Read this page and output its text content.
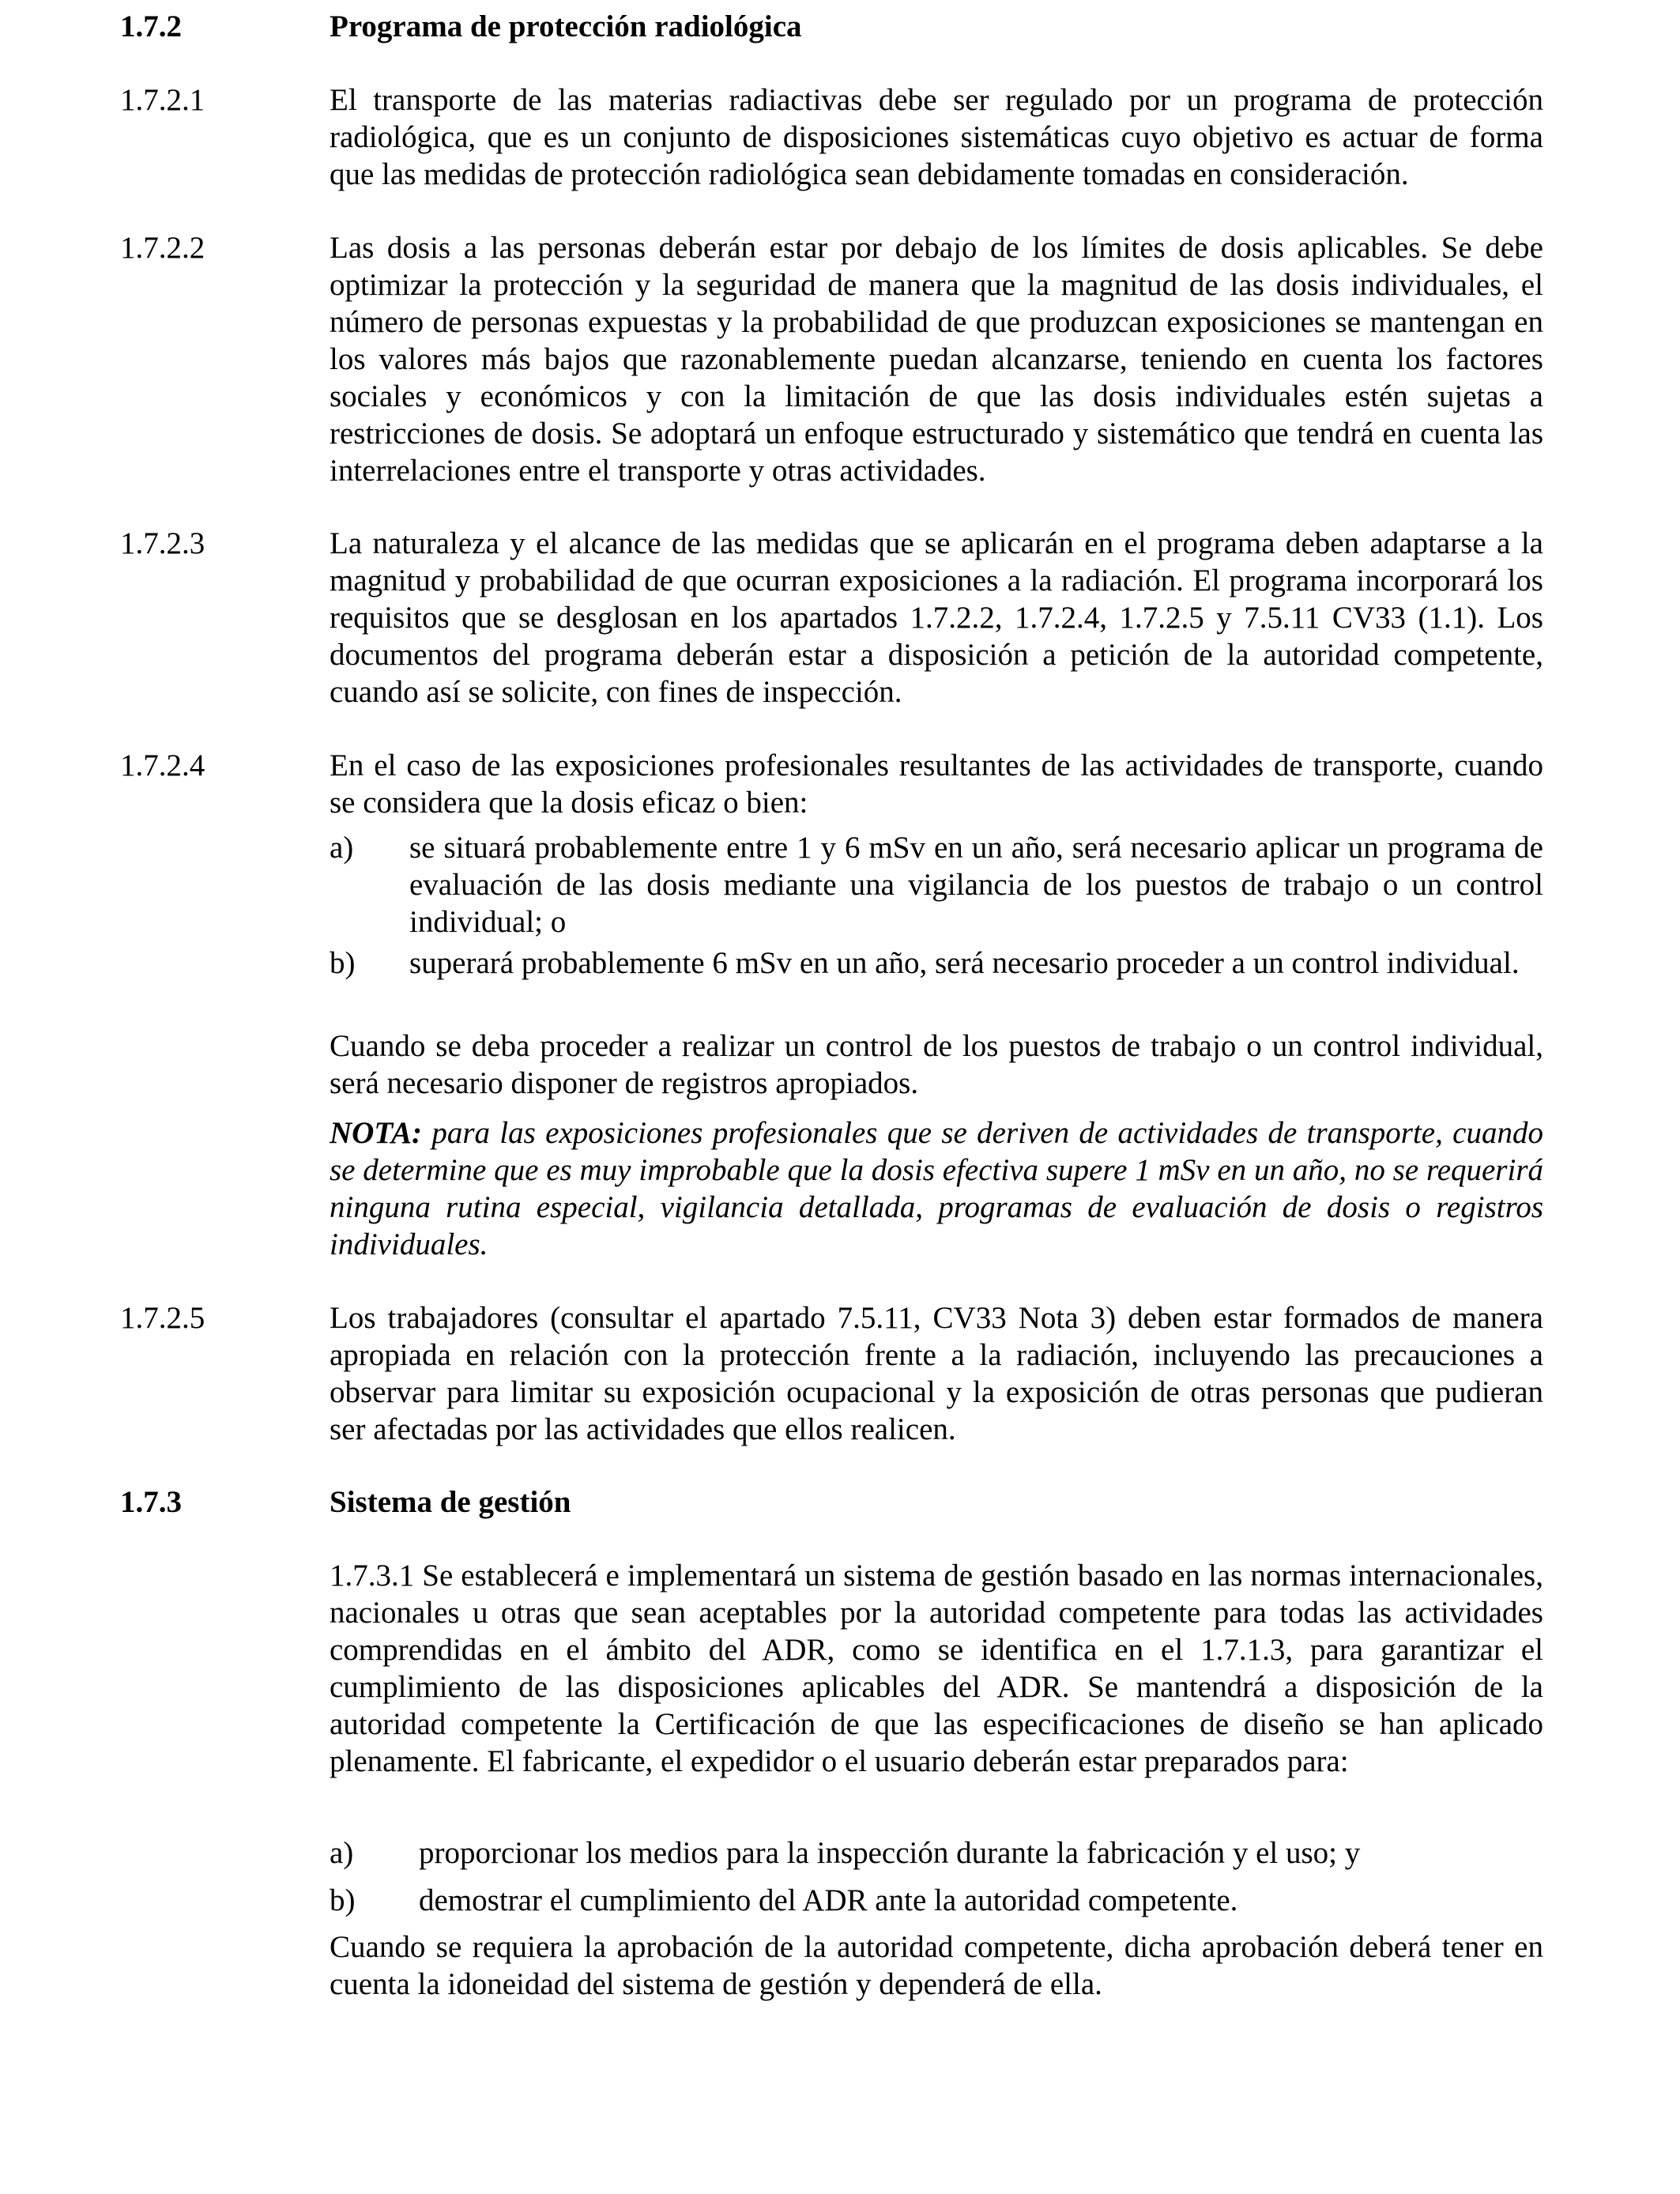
1.7.2	Programa de protección radiológica
1.7.2.1	El transporte de las materias radiactivas debe ser regulado por un programa de protección radiológica, que es un conjunto de disposiciones sistemáticas cuyo objetivo es actuar de forma que las medidas de protección radiológica sean debidamente tomadas en consideración.
1.7.2.2	Las dosis a las personas deberán estar por debajo de los límites de dosis aplicables. Se debe optimizar la protección y la seguridad de manera que la magnitud de las dosis individuales, el número de personas expuestas y la probabilidad de que produzcan exposiciones se mantengan en los valores más bajos que razonablemente puedan alcanzarse, teniendo en cuenta los factores sociales y económicos y con la limitación de que las dosis individuales estén sujetas a restricciones de dosis. Se adoptará un enfoque estructurado y sistemático que tendrá en cuenta las interrelaciones entre el transporte y otras actividades.
1.7.2.3	La naturaleza y el alcance de las medidas que se aplicarán en el programa deben adaptarse a la magnitud y probabilidad de que ocurran exposiciones a la radiación. El programa incorporará los requisitos que se desglosan en los apartados 1.7.2.2, 1.7.2.4, 1.7.2.5 y 7.5.11 CV33 (1.1). Los documentos del programa deberán estar a disposición a petición de la autoridad competente, cuando así se solicite, con fines de inspección.
1.7.2.4	En el caso de las exposiciones profesionales resultantes de las actividades de transporte, cuando se considera que la dosis eficaz o bien:
a) se situará probablemente entre 1 y 6 mSv en un año, será necesario aplicar un programa de evaluación de las dosis mediante una vigilancia de los puestos de trabajo o un control individual; o
b) superará probablemente 6 mSv en un año, será necesario proceder a un control individual.
Cuando se deba proceder a realizar un control de los puestos de trabajo o un control individual, será necesario disponer de registros apropiados.
NOTA: para las exposiciones profesionales que se deriven de actividades de transporte, cuando se determine que es muy improbable que la dosis efectiva supere 1 mSv en un año, no se requerirá ninguna rutina especial, vigilancia detallada, programas de evaluación de dosis o registros individuales.
1.7.2.5	Los trabajadores (consultar el apartado 7.5.11, CV33 Nota 3) deben estar formados de manera apropiada en relación con la protección frente a la radiación, incluyendo las precauciones a observar para limitar su exposición ocupacional y la exposición de otras personas que pudieran ser afectadas por las actividades que ellos realicen.
1.7.3	Sistema de gestión
1.7.3.1 Se establecerá e implementará un sistema de gestión basado en las normas internacionales, nacionales u otras que sean aceptables por la autoridad competente para todas las actividades comprendidas en el ámbito del ADR, como se identifica en el 1.7.1.3, para garantizar el cumplimiento de las disposiciones aplicables del ADR. Se mantendrá a disposición de la autoridad competente la Certificación de que las especificaciones de diseño se han aplicado plenamente. El fabricante, el expedidor o el usuario deberán estar preparados para:
a) proporcionar los medios para la inspección durante la fabricación y el uso; y
b) demostrar el cumplimiento del ADR ante la autoridad competente.
Cuando se requiera la aprobación de la autoridad competente, dicha aprobación deberá tener en cuenta la idoneidad del sistema de gestión y dependerá de ella.
